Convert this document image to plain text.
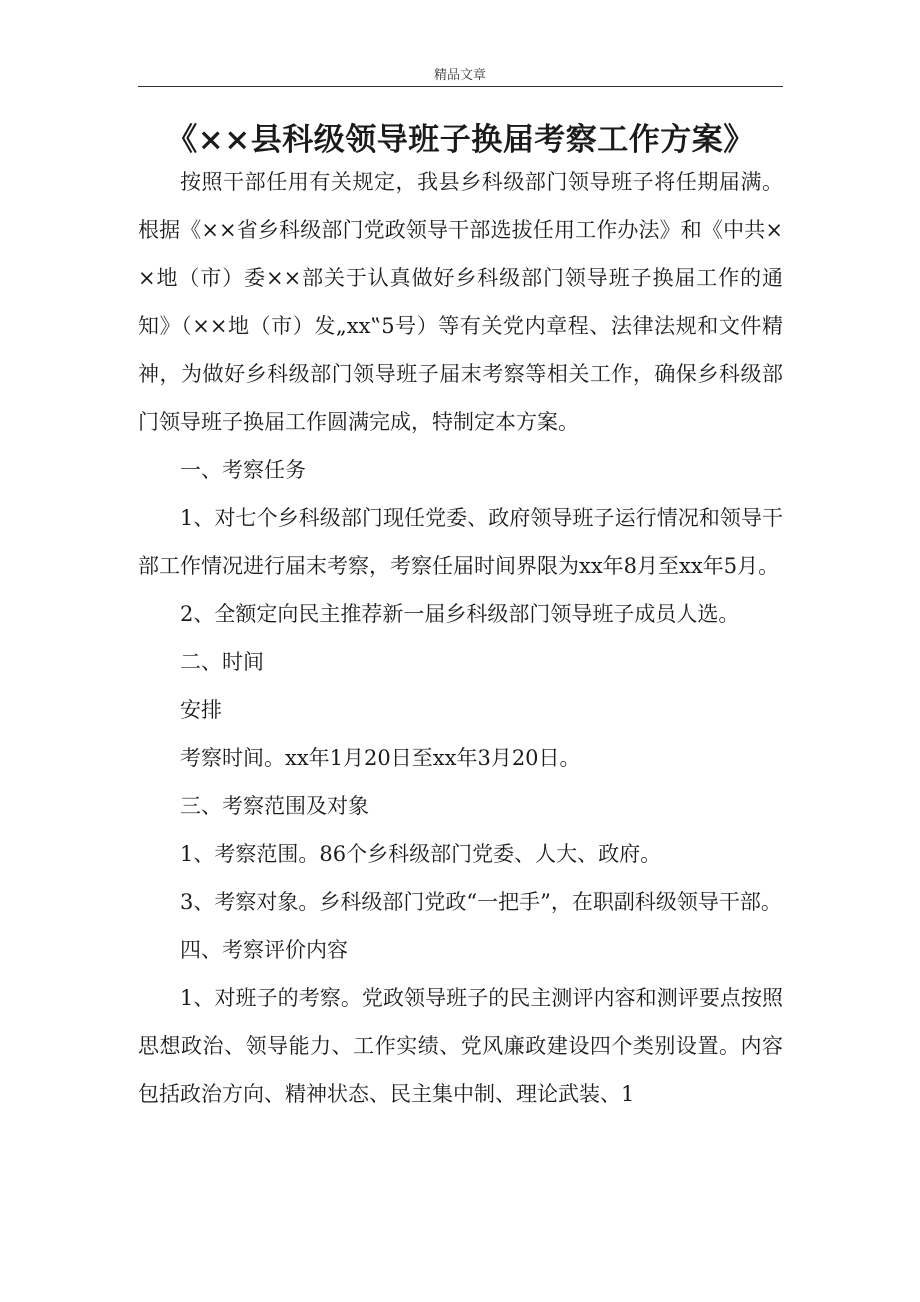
精品文章
《××县科级领导班子换届考察工作方案》

按照干部任用有关规定，我县乡科级部门领导班子将任期届满。根据《××省乡科级部门党政领导干部选拔任用工作办法》和《中共××地（市）委××部关于认真做好乡科级部门领导班子换届工作的通知》（××地（市）发„xx‟5号）等有关党内章程、法律法规和文件精神，为做好乡科级部门领导班子届末考察等相关工作，确保乡科级部门领导班子换届工作圆满完成，特制定本方案。

一、考察任务

1、对七个乡科级部门现任党委、政府领导班子运行情况和领导干部工作情况进行届末考察，考察任届时间界限为xx年8月至xx年5月。

2、全额定向民主推荐新一届乡科级部门领导班子成员人选。

二、时间

安排

考察时间。xx年1月20日至xx年3月20日。

三、考察范围及对象

1、考察范围。86个乡科级部门党委、人大、政府。

3、考察对象。乡科级部门党政“一把手”，在职副科级领导干部。

四、考察评价内容

1、对班子的考察。党政领导班子的民主测评内容和测评要点按照思想政治、领导能力、工作实绩、党风廉政建设四个类别设置。内容包括政治方向、精神状态、民主集中制、理论武装、1
